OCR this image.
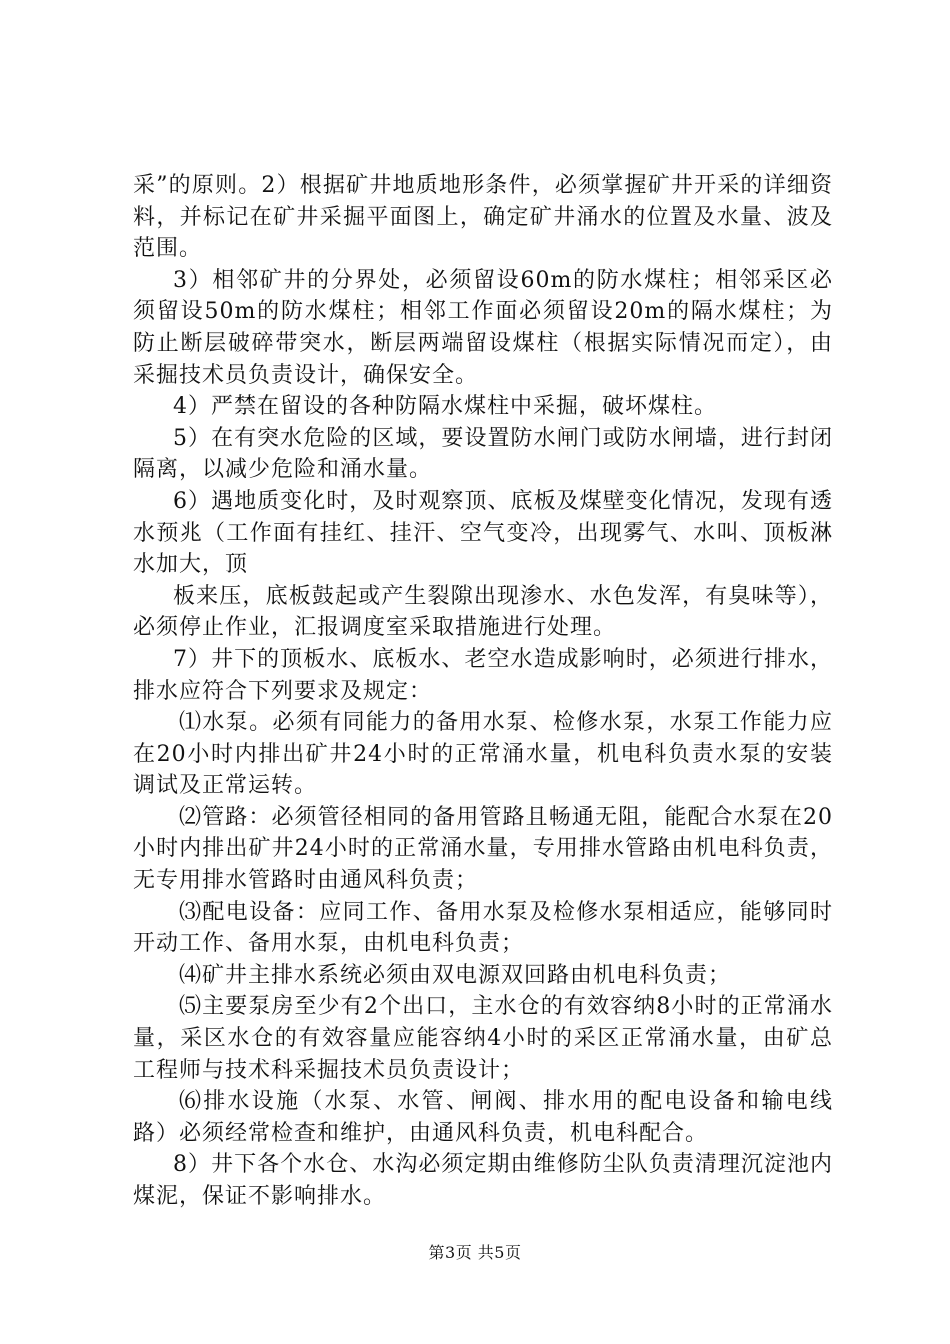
采”的原则。2）根据矿井地质地形条件，必须掌握矿井开采的详细资料，并标记在矿井采掘平面图上，确定矿井涌水的位置及水量、波及范围。

3）相邻矿井的分界处，必须留设60m的防水煤柱；相邻采区必须留设50m的防水煤柱；相邻工作面必须留设20m的隔水煤柱；为防止断层破碎带突水，断层两端留设煤柱（根据实际情况而定），由采掘技术员负责设计，确保安全。

4）严禁在留设的各种防隔水煤柱中采掘，破坏煤柱。

5）在有突水危险的区域，要设置防水闸门或防水闸墙，进行封闭隔离，以减少危险和涌水量。

6）遇地质变化时，及时观察顶、底板及煤壁变化情况，发现有透水预兆（工作面有挂红、挂汗、空气变冷，出现雾气、水叫、顶板淋水加大，顶

板来压，底板鼓起或产生裂隙出现渗水、水色发浑，有臭味等），必须停止作业，汇报调度室采取措施进行处理。

7）井下的顶板水、底板水、老空水造成影响时，必须进行排水，排水应符合下列要求及规定：

⑴水泵。必须有同能力的备用水泵、检修水泵，水泵工作能力应在20小时内排出矿井24小时的正常涌水量，机电科负责水泵的安装调试及正常运转。

⑵管路：必须管径相同的备用管路且畅通无阻，能配合水泵在20小时内排出矿井24小时的正常涌水量，专用排水管路由机电科负责，无专用排水管路时由通风科负责；

⑶配电设备：应同工作、备用水泵及检修水泵相适应，能够同时开动工作、备用水泵，由机电科负责；

⑷矿井主排水系统必须由双电源双回路由机电科负责；

⑸主要泵房至少有2个出口，主水仓的有效容纳8小时的正常涌水量，采区水仓的有效容量应能容纳4小时的采区正常涌水量，由矿总工程师与技术科采掘技术员负责设计；

⑹排水设施（水泵、水管、闸阀、排水用的配电设备和输电线路）必须经常检查和维护，由通风科负责，机电科配合。

8）井下各个水仓、水沟必须定期由维修防尘队负责清理沉淀池内煤泥，保证不影响排水。

第3页 共5页
